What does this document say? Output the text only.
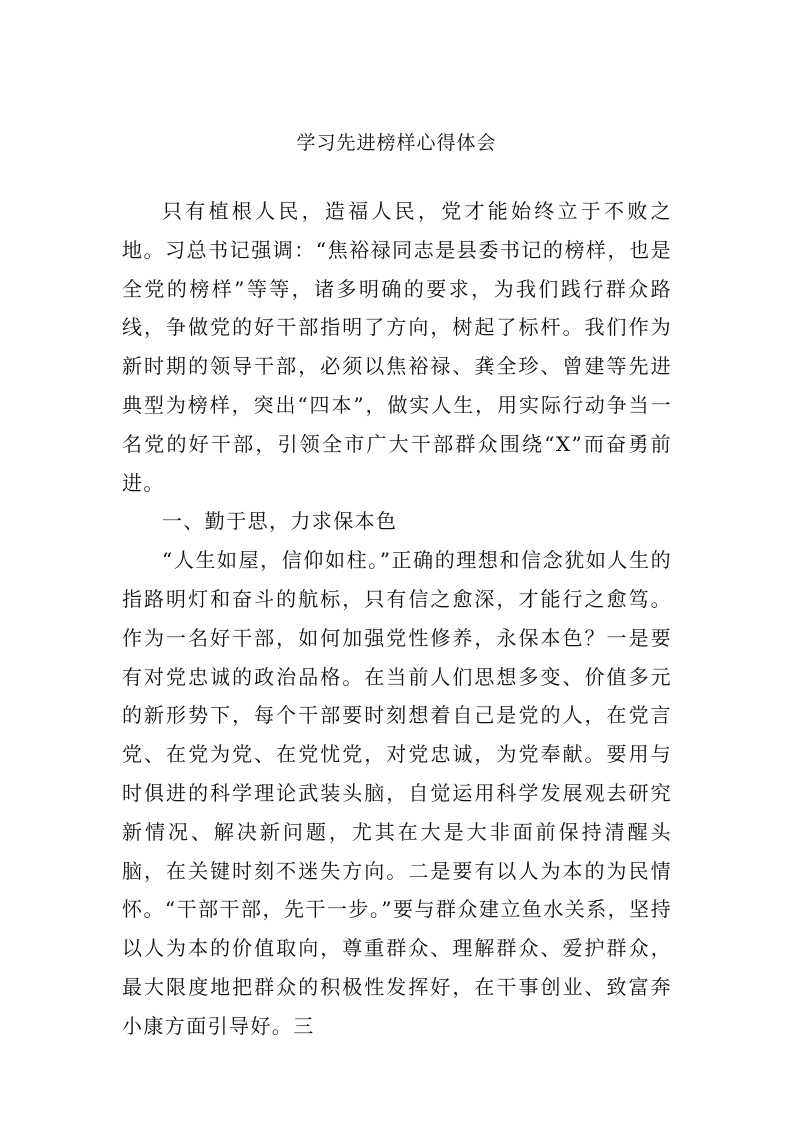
学习先进榜样心得体会

只有植根人民，造福人民，党才能始终立于不败之地。习总书记强调：“焦裕禄同志是县委书记的榜样，也是全党的榜样”等等，诸多明确的要求，为我们践行群众路线，争做党的好干部指明了方向，树起了标杆。我们作为新时期的领导干部，必须以焦裕禄、龚全珍、曾建等先进典型为榜样，突出“四本”，做实人生，用实际行动争当一名党的好干部，引领全市广大干部群众围绕“X”而奋勇前进。

一、勤于思，力求保本色

“人生如屋，信仰如柱。”正确的理想和信念犹如人生的指路明灯和奋斗的航标，只有信之愈深，才能行之愈笃。作为一名好干部，如何加强党性修养，永保本色？一是要有对党忠诚的政治品格。在当前人们思想多变、价值多元的新形势下，每个干部要时刻想着自己是党的人，在党言党、在党为党、在党忧党，对党忠诚，为党奉献。要用与时俱进的科学理论武装头脑，自觉运用科学发展观去研究新情况、解决新问题，尤其在大是大非面前保持清醒头脑，在关键时刻不迷失方向。二是要有以人为本的为民情怀。“干部干部，先干一步。”要与群众建立鱼水关系，坚持以人为本的价值取向，尊重群众、理解群众、爱护群众，最大限度地把群众的积极性发挥好，在干事创业、致富奔小康方面引导好。三
